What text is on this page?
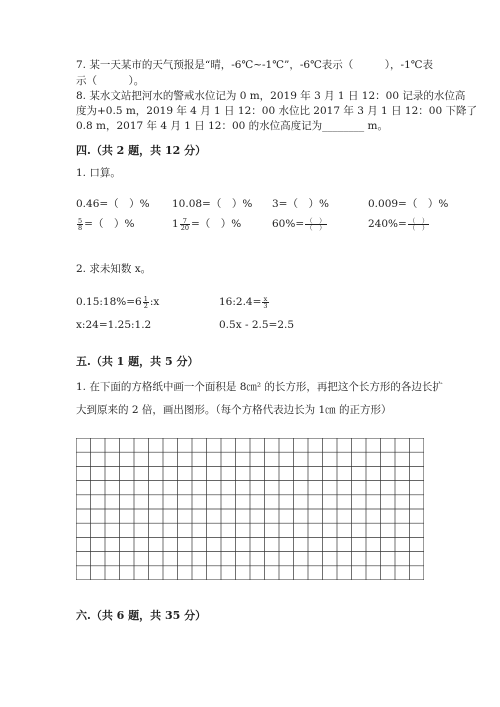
7. 某一天某市的天气预报是“晴，-6℃~-1℃”，-6℃表示（　　　），-1℃表
示（　　　）。
8. 某水文站把河水的警戒水位记为 0 m，2019 年 3 月 1 日 12：00 记录的水位高
度为+0.5 m，2019 年 4 月 1 日 12：00 水位比 2017 年 3 月 1 日 12：00 下降了
0.8 m，2017 年 4 月 1 日 12：00 的水位高度记为________ m。
四.（共 2 题，共 12 分）
1. 口算。
0.46=（　）% 10.08=（　）% 3=（　）%	0.009=（　）%
$\frac{5}{8}$ =（　）%	$1 \frac{7}{20}$ =（　）%	$60\%= \frac{( )}{( )}$	$240\%= \frac{( )}{( )}$
2. 求未知数 x。
0.15:18%=6 $\frac{1}{2}$ :x	16:2.4= $\frac{x}{3}$
x:24=1.25:1.2	0.5x - 2.5=2.5
五.（共 1 题，共 5 分）
1. 在下面的方格纸中画一个面积是 8㎝² 的长方形，再把这个长方形的各边长扩
大到原来的 2 倍，画出图形。（每个方格代表边长为 1㎝ 的正方形）
六.（共 6 题，共 35 分）
